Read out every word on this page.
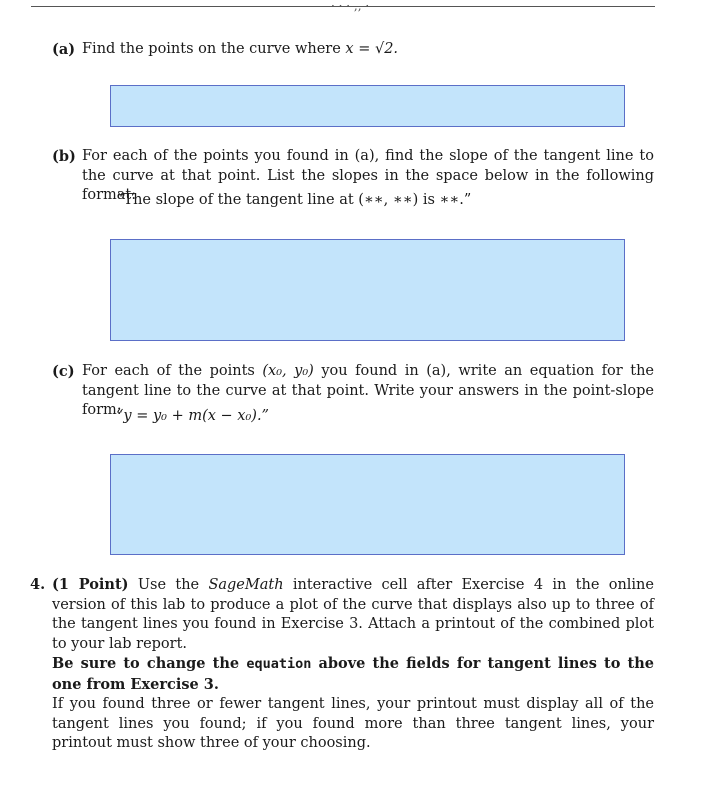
· · · ,, ·
(a) Find the points on the curve where x = √2.
(b) For each of the points you found in (a), find the slope of the tangent line to the curve at that point. List the slopes in the space below in the following format:
“The slope of the tangent line at (∗∗, ∗∗) is ∗∗.”
(c) For each of the points (x₀, y₀) you found in (a), write an equation for the tangent line to the curve at that point. Write your answers in the point-slope form:
“y = y₀ + m(x − x₀).”
4. (1 Point) Use the SageMath interactive cell after Exercise 4 in the online version of this lab to produce a plot of the curve that displays also up to three of the tangent lines you found in Exercise 3. Attach a printout of the combined plot to your lab report.
Be sure to change the equation above the fields for tangent lines to the one from Exercise 3.
If you found three or fewer tangent lines, your printout must display all of the tangent lines you found; if you found more than three tangent lines, your printout must show three of your choosing.
